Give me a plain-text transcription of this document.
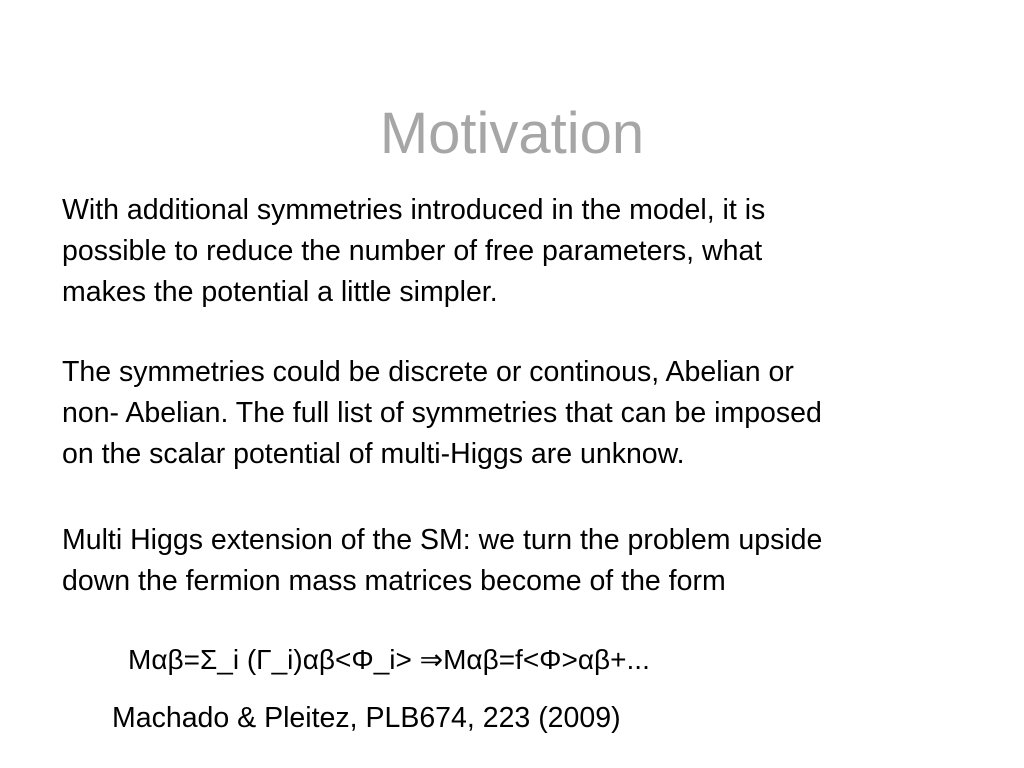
Motivation
With additional symmetries introduced in the model, it is
possible to reduce the number of free parameters, what
makes the potential a little simpler.
The symmetries could be discrete or continous, Abelian or
non- Abelian. The full list of symmetries that can be imposed
on the scalar potential of multi-Higgs are unknow.
Multi Higgs extension of the SM: we turn the problem upside
down the fermion mass matrices become of the form
Mαβ=Σ_i (Γ_i)αβ<Φ_i> ⇒Mαβ=f<Φ>αβ+...
Machado & Pleitez, PLB674, 223 (2009)
